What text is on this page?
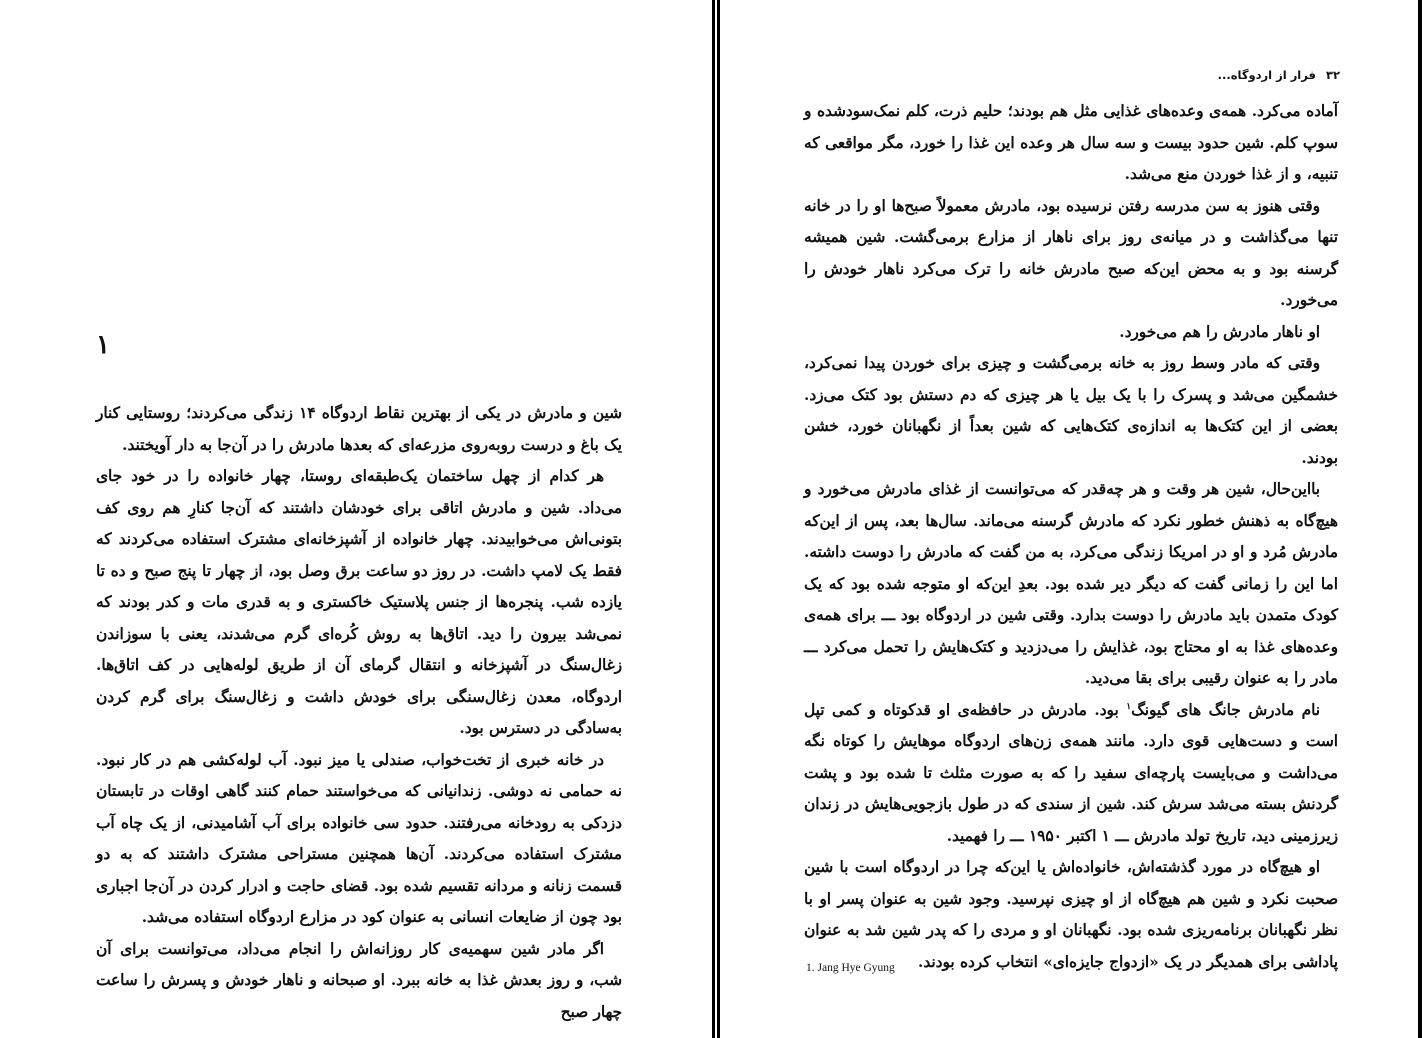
۱

شین و مادرش در یکی از بهترین نقاط اردوگاه ۱۴ زندگی می‌کردند؛ روستایی کنار یک باغ و درست روبه‌روی مزرعه‌ای که بعدها مادرش را در آن‌جا به دار آویختند.

هر کدام از چهل ساختمان یک‌طبقه‌ای روستا، چهار خانواده را در خود جای می‌داد. شین و مادرش اتاقی برای خودشان داشتند که آن‌جا کنارِ هم روی کف بتونی‌اش می‌خوابیدند. چهار خانواده از آشپزخانه‌ای مشترک استفاده می‌کردند که فقط یک لامپ داشت. در روز دو ساعت برق وصل بود، از چهار تا پنج صبح و ده تا یازده شب. پنجره‌ها از جنس پلاستیک خاکستری و به قدری مات و کدر بودند که نمی‌شد بیرون را دید. اتاق‌ها به روش کُره‌ای گرم می‌شدند، یعنی با سوزاندن زغال‌سنگ در آشپزخانه و انتقال گرمای آن از طریق لوله‌هایی در کف اتاق‌ها. اردوگاه، معدن زغال‌سنگی برای خودش داشت و زغال‌سنگ برای گرم کردن به‌سادگی در دسترس بود.

در خانه خبری از تخت‌خواب، صندلی یا میز نبود. آب لوله‌کشی هم در کار نبود. نه حمامی نه دوشی. زندانیانی که می‌خواستند حمام کنند گاهی اوقات در تابستان دزدکی به رودخانه می‌رفتند. حدود سی خانواده برای آب آشامیدنی، از یک چاه آب مشترک استفاده می‌کردند. آن‌ها همچنین مستراحی مشترک داشتند که به دو قسمت زنانه و مردانه تقسیم شده بود. قضای حاجت و ادرار کردن در آن‌جا اجباری بود چون از ضایعات انسانی به عنوان کود در مزارع اردوگاه استفاده می‌شد.

اگر مادر شین سهمیه‌ی کار روزانه‌اش را انجام می‌داد، می‌توانست برای آن شب، و روز بعدش غذا به خانه ببرد. او صبحانه و ناهار خودش و پسرش را ساعت چهار صبح

۳۲
فرار از اردوگاه...

آماده می‌کرد. همه‌ی وعده‌های غذایی مثل هم بودند؛ حلیم ذرت، کلم نمک‌سودشده و سوپ کلم. شین حدود بیست و سه سال هر وعده این غذا را خورد، مگر مواقعی که تنبیه، و از غذا خوردن منع می‌شد.

وقتی هنوز به سن مدرسه رفتن نرسیده بود، مادرش معمولاً صبح‌ها او را در خانه تنها می‌گذاشت و در میانه‌ی روز برای ناهار از مزارع برمی‌گشت. شین همیشه گرسنه بود و به محض این‌که صبح مادرش خانه را ترک می‌کرد ناهار خودش را می‌خورد.

او ناهار مادرش را هم می‌خورد.

وقتی که مادر وسط روز به خانه برمی‌گشت و چیزی برای خوردن پیدا نمی‌کرد، خشمگین می‌شد و پسرک را با یک بیل یا هر چیزی که دم دستش بود کتک می‌زد. بعضی از این کتک‌ها به اندازه‌ی کتک‌هایی که شین بعداً از نگهبانان خورد، خشن بودند.

بااین‌حال، شین هر وقت و هر چه‌قدر که می‌توانست از غذای مادرش می‌خورد و هیچ‌گاه به ذهنش خطور نکرد که مادرش گرسنه می‌ماند. سال‌ها بعد، پس از این‌که مادرش مُرد و او در امریکا زندگی می‌کرد، به من گفت که مادرش را دوست داشته. اما این را زمانی گفت که دیگر دیر شده بود. بعدِ این‌که او متوجه شده بود که یک کودک متمدن باید مادرش را دوست بدارد. وقتی شین در اردوگاه بود ـــ برای همه‌ی وعده‌های غذا به او محتاج بود، غذایش را می‌دزدید و کتک‌هایش را تحمل می‌کرد ـــ مادر را به عنوان رقیبی برای بقا می‌دید.

نام مادرش جانگ های گیونگ$^۱$ بود. مادرش در حافظه‌ی او قدکوتاه و کمی تپل است و دست‌هایی قوی دارد. مانند همه‌ی زن‌های اردوگاه موهایش را کوتاه نگه می‌داشت و می‌بایست پارچه‌ای سفید را که به صورت مثلث تا شده بود و پشت گردنش بسته می‌شد سرش کند. شین از سندی که در طول بازجویی‌هایش در زندان زیرزمینی دید، تاریخ تولد مادرش ـــ ۱ اکتبر ۱۹۵۰ ـــ را فهمید.

او هیچ‌گاه در مورد گذشته‌اش، خانواده‌اش یا این‌که چرا در اردوگاه است با شین صحبت نکرد و شین هم هیچ‌گاه از او چیزی نپرسید. وجود شین به عنوان پسر او با نظر نگهبانان برنامه‌ریزی شده بود. نگهبانان او و مردی را که پدر شین شد به عنوان پاداشی برای همدیگر در یک «ازدواج جایزه‌ای» انتخاب کرده بودند.

1. Jang Hye Gyung
